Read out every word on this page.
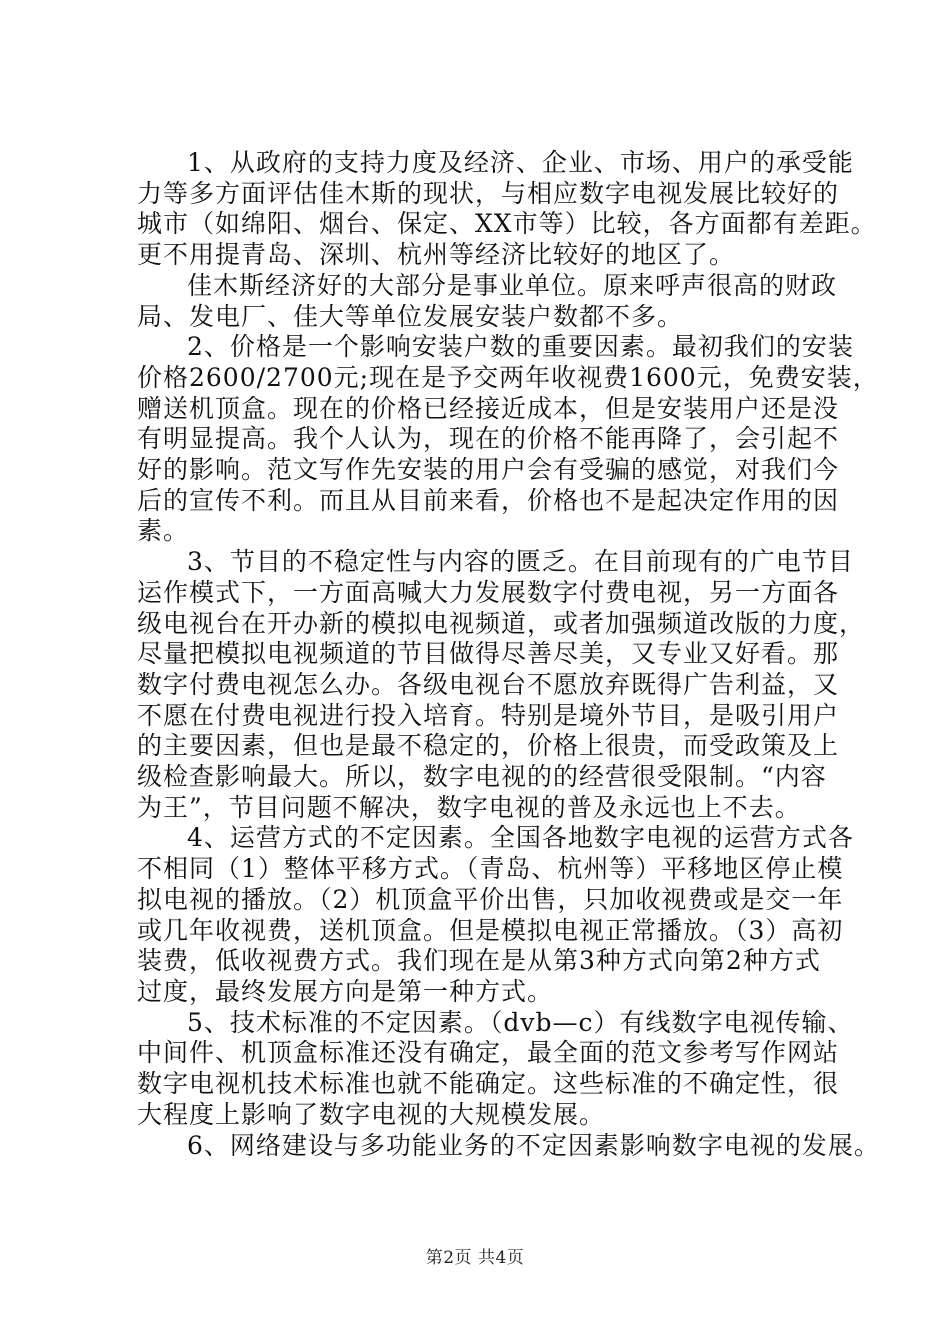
1、从政府的支持力度及经济、企业、市场、用户的承受能
力等多方面评估佳木斯的现状，与相应数字电视发展比较好的
城市（如绵阳、烟台、保定、XX市等）比较，各方面都有差距。
更不用提青岛、深圳、杭州等经济比较好的地区了。

佳木斯经济好的大部分是事业单位。原来呼声很高的财政
局、发电厂、佳大等单位发展安装户数都不多。

2、价格是一个影响安装户数的重要因素。最初我们的安装
价格2600/2700元;现在是予交两年收视费1600元，免费安装，
赠送机顶盒。现在的价格已经接近成本，但是安装用户还是没
有明显提高。我个人认为，现在的价格不能再降了，会引起不
好的影响。范文写作先安装的用户会有受骗的感觉，对我们今
后的宣传不利。而且从目前来看，价格也不是起决定作用的因
素。

3、节目的不稳定性与内容的匮乏。在目前现有的广电节目
运作模式下，一方面高喊大力发展数字付费电视，另一方面各
级电视台在开办新的模拟电视频道，或者加强频道改版的力度，
尽量把模拟电视频道的节目做得尽善尽美，又专业又好看。那
数字付费电视怎么办。各级电视台不愿放弃既得广告利益，又
不愿在付费电视进行投入培育。特别是境外节目，是吸引用户
的主要因素，但也是最不稳定的，价格上很贵，而受政策及上
级检查影响最大。所以，数字电视的的经营很受限制。“内容
为王”，节目问题不解决，数字电视的普及永远也上不去。

4、运营方式的不定因素。全国各地数字电视的运营方式各
不相同（1）整体平移方式。（青岛、杭州等）平移地区停止模
拟电视的播放。（2）机顶盒平价出售，只加收视费或是交一年
或几年收视费，送机顶盒。但是模拟电视正常播放。（3）高初
装费，低收视费方式。我们现在是从第3种方式向第2种方式
过度，最终发展方向是第一种方式。

5、技术标准的不定因素。（dvb—c）有线数字电视传输、
中间件、机顶盒标准还没有确定，最全面的范文参考写作网站
数字电视机技术标准也就不能确定。这些标准的不确定性，很
大程度上影响了数字电视的大规模发展。

6、网络建设与多功能业务的不定因素影响数字电视的发展。

第2页 共4页
